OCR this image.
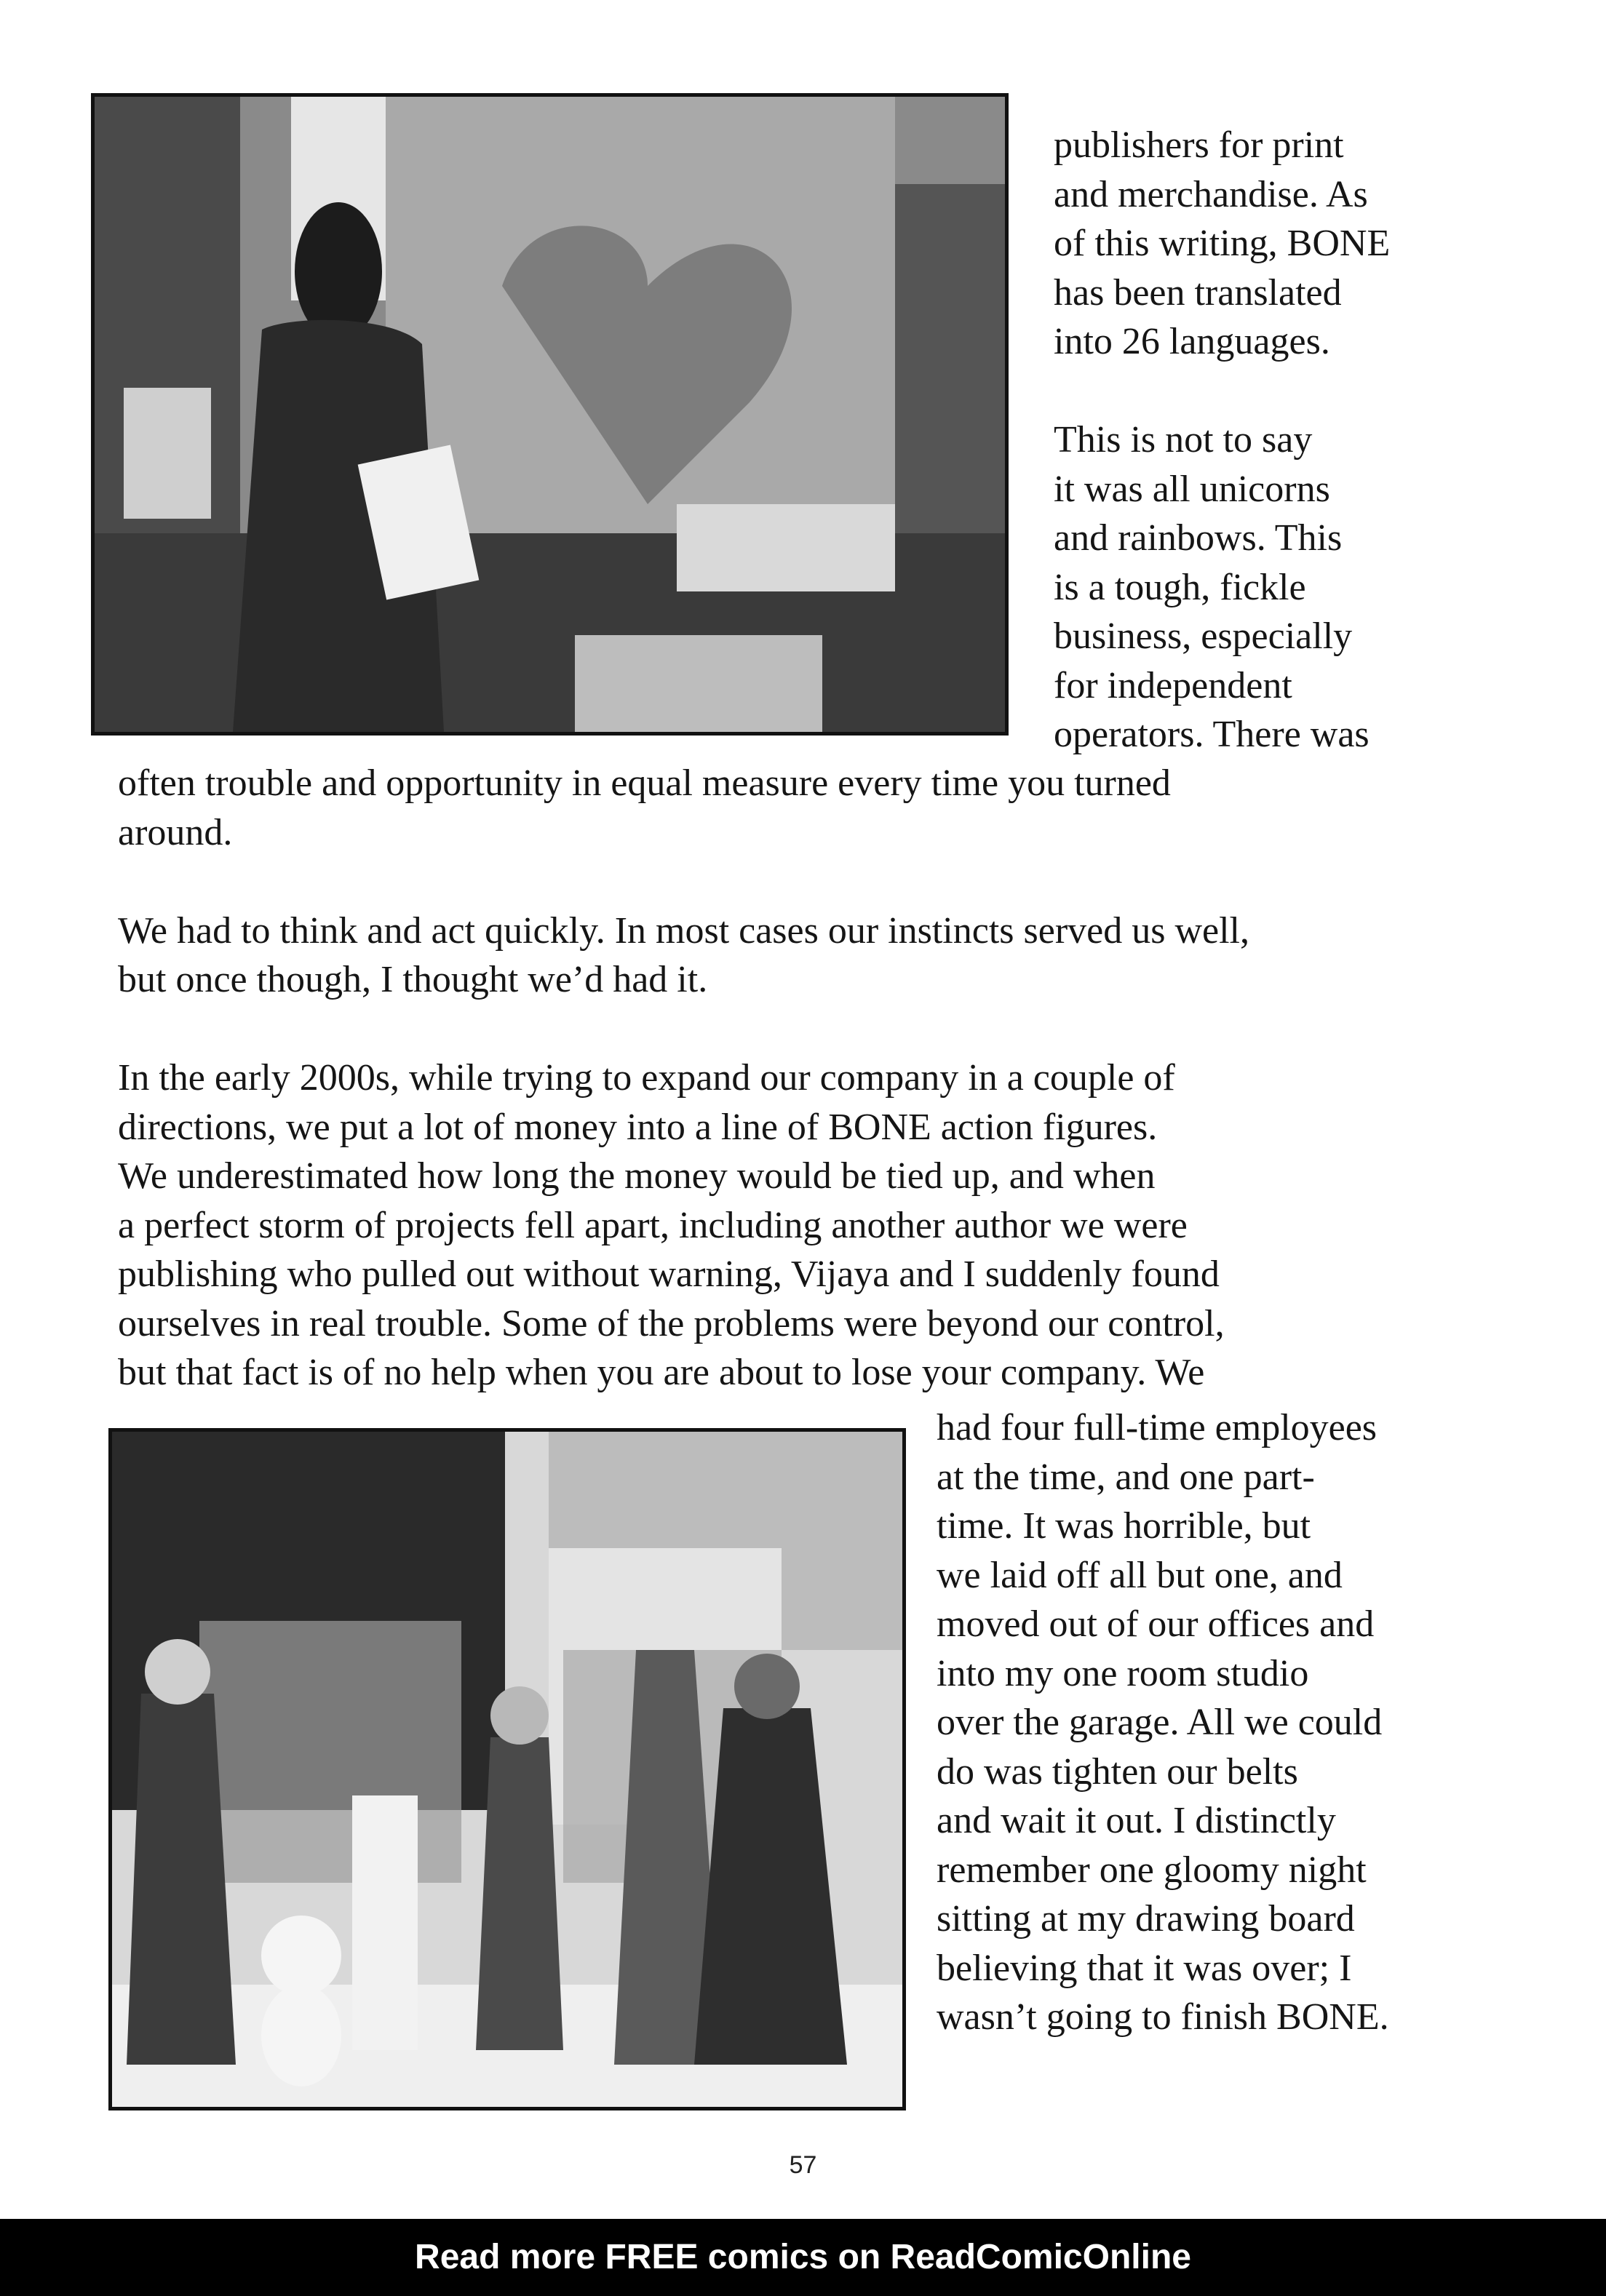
publishers for print
and merchandise. As
of this writing, BONE
has been translated
into 26 languages.
This is not to say
it was all unicorns
and rainbows. This
is a tough, fickle
business, especially
for independent
operators. There was
often trouble and opportunity in equal measure every time you turned
around.
We had to think and act quickly. In most cases our instincts served us well,
but once though, I thought we’d had it.
In the early 2000s, while trying to expand our company in a couple of
directions, we put a lot of money into a line of BONE action figures.
We underestimated how long the money would be tied up, and when
a perfect storm of projects fell apart, including another author we were
publishing who pulled out without warning, Vijaya and I suddenly found
ourselves in real trouble. Some of the problems were beyond our control,
but that fact is of no help when you are about to lose your company. We
had four full-time employees
at the time, and one part-
time. It was horrible, but
we laid off all but one, and
moved out of our offices and
into my one room studio
over the garage. All we could
do was tighten our belts
and wait it out. I distinctly
remember one gloomy night
sitting at my drawing board
believing that it was over; I
wasn’t going to finish BONE.
57
Read more FREE comics on ReadComicOnline
